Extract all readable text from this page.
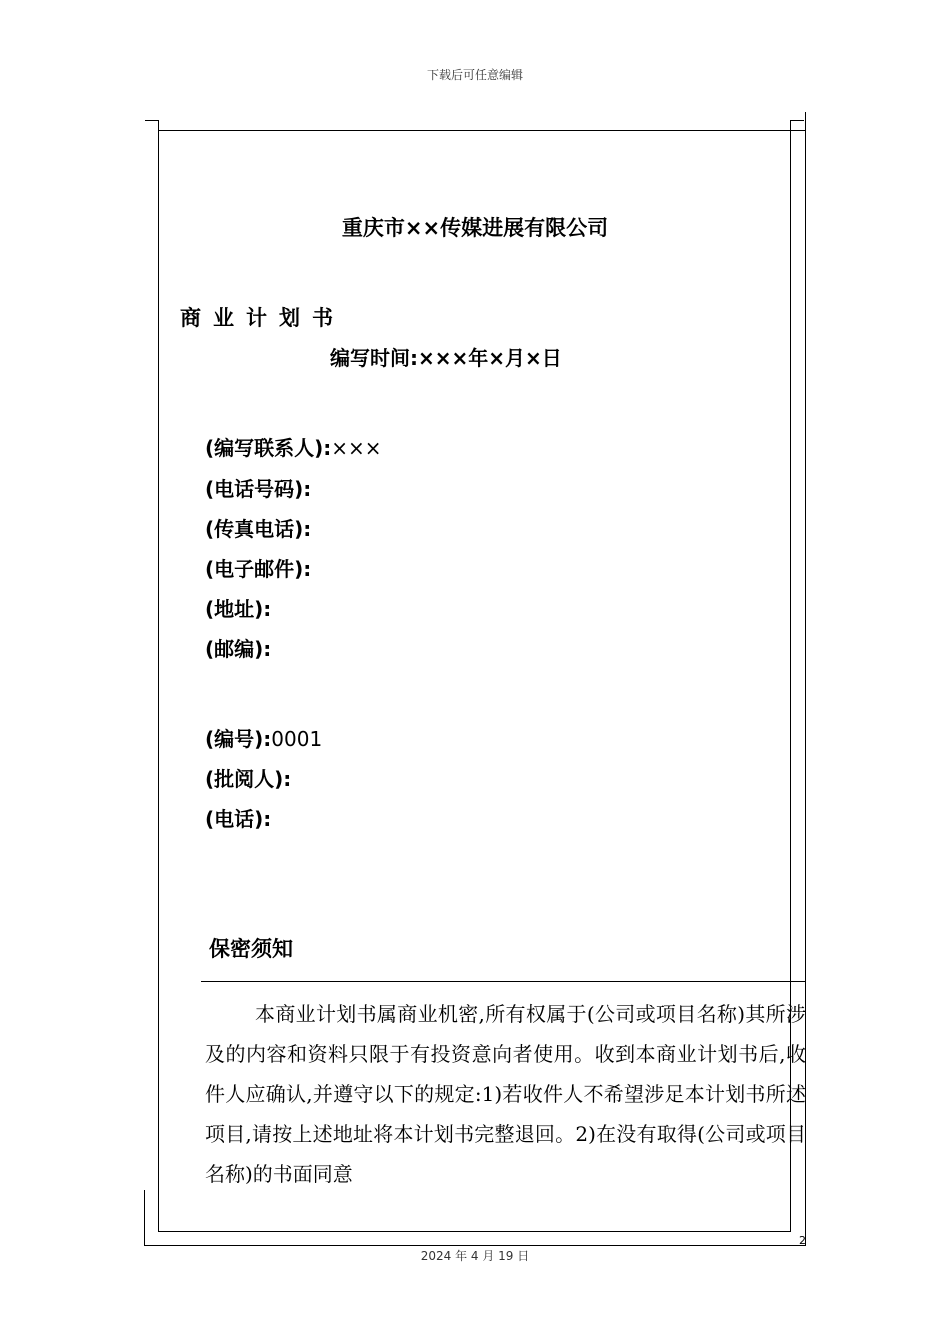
下载后可任意编辑
重庆市××传媒进展有限公司
商业计划书
编写时间:×××年×月×日
(编写联系人):×××
(电话号码):
(传真电话):
(电子邮件):
(地址):
(邮编):
(编号):0001
(批阅人):
(电话):
保密须知

本商业计划书属商业机密,所有权属于(公司或项目名称)其所涉及的内容和资料只限于有投资意向者使用。收到本商业计划书后,收件人应确认,并遵守以下的规定:1)若收件人不希望涉足本计划书所述项目,请按上述地址将本计划书完整退回。2)在没有取得(公司或项目名称)的书面同意

2
2024 年 4 月 19 日
